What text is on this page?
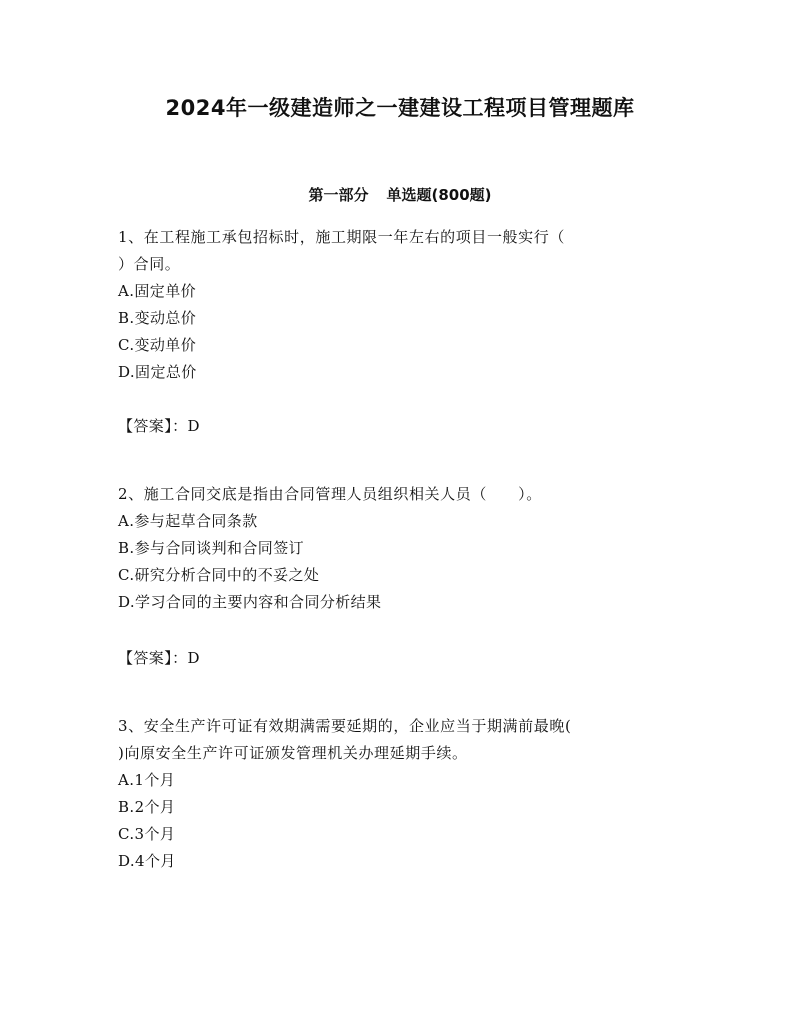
2024年一级建造师之一建建设工程项目管理题库
第一部分 单选题(800题)
1、在工程施工承包招标时，施工期限一年左右的项目一般实行（
）合同。
A.固定单价
B.变动总价
C.变动单价
D.固定总价
【答案】：D
2、施工合同交底是指由合同管理人员组织相关人员（　　）。
A.参与起草合同条款
B.参与合同谈判和合同签订
C.研究分析合同中的不妥之处
D.学习合同的主要内容和合同分析结果
【答案】：D
3、安全生产许可证有效期满需要延期的，企业应当于期满前最晚(
)向原安全生产许可证颁发管理机关办理延期手续。
A.1个月
B.2个月
C.3个月
D.4个月
